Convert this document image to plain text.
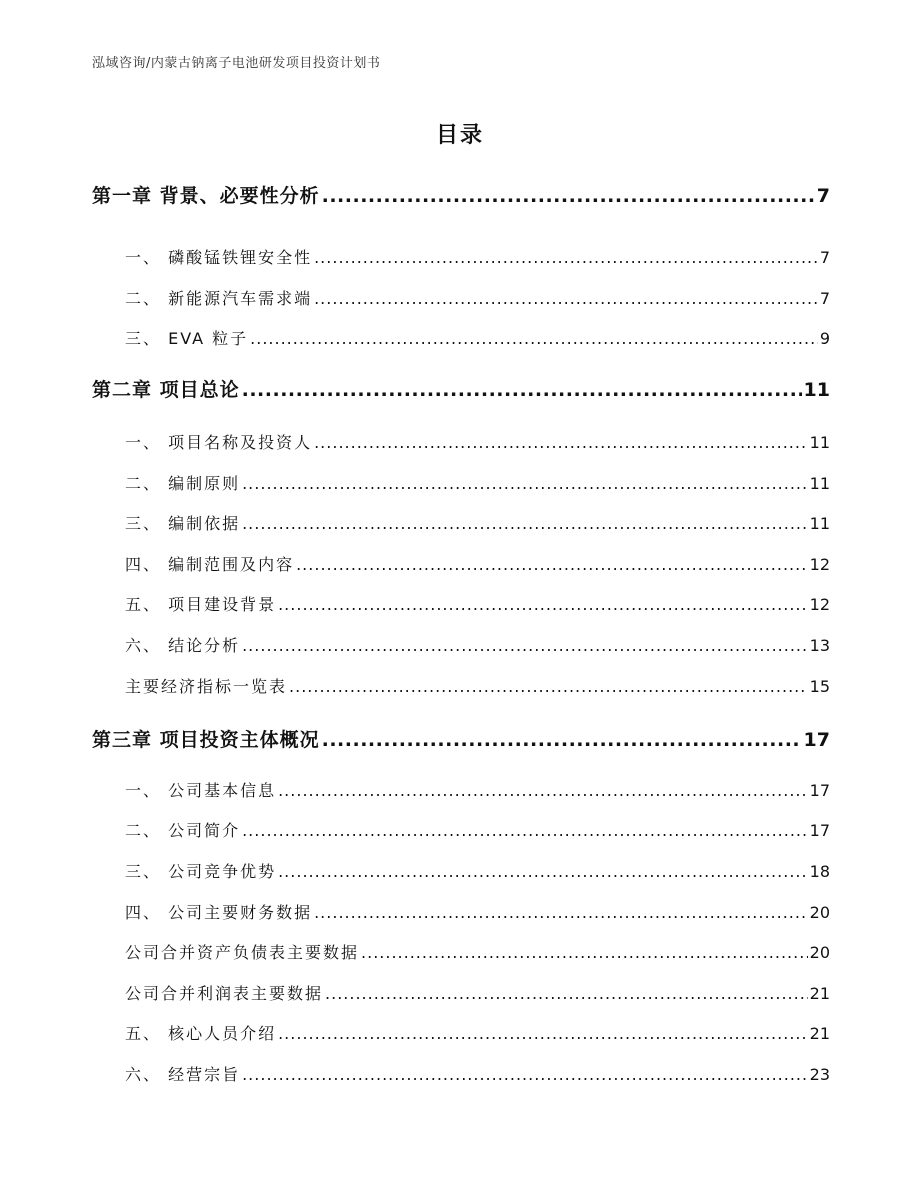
泓域咨询/内蒙古钠离子电池研发项目投资计划书
目录
第一章 背景、必要性分析 .....	7
一、 磷酸锰铁锂安全性 .....	7
二、 新能源汽车需求端 .....	7
三、 EVA 粒子 .....	9
第二章 项目总论 .....	11
一、 项目名称及投资人 .....	11
二、 编制原则 .....	11
三、 编制依据 .....	11
四、 编制范围及内容 .....	12
五、 项目建设背景 .....	12
六、 结论分析 .....	13
主要经济指标一览表 .....	15
第三章 项目投资主体概况 .....	17
一、 公司基本信息 .....	17
二、 公司简介 .....	17
三、 公司竞争优势 .....	18
四、 公司主要财务数据 .....	20
公司合并资产负债表主要数据 .....	20
公司合并利润表主要数据 .....	21
五、 核心人员介绍 .....	21
六、 经营宗旨 .....	23
